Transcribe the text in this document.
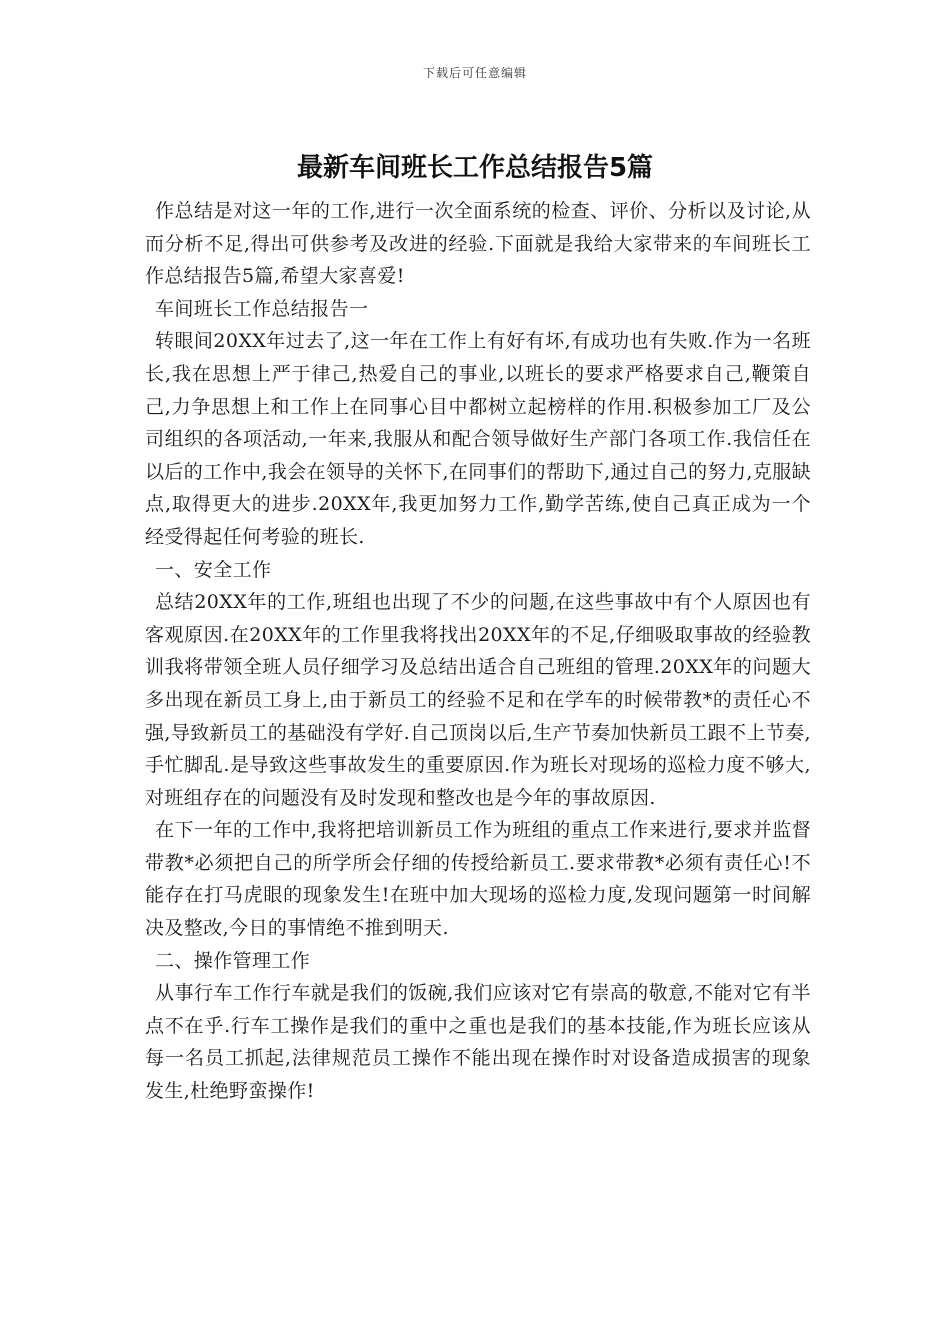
下载后可任意编辑
最新车间班长工作总结报告5篇

作总结是对这一年的工作,进行一次全面系统的检查、评价、分析以及讨论,从而分析不足,得出可供参考及改进的经验.下面就是我给大家带来的车间班长工作总结报告5篇,希望大家喜爱!

车间班长工作总结报告一

转眼间20XX年过去了,这一年在工作上有好有坏,有成功也有失败.作为一名班长,我在思想上严于律己,热爱自己的事业,以班长的要求严格要求自己,鞭策自己,力争思想上和工作上在同事心目中都树立起榜样的作用.积极参加工厂及公司组织的各项活动,一年来,我服从和配合领导做好生产部门各项工作.我信任在以后的工作中,我会在领导的关怀下,在同事们的帮助下,通过自己的努力,克服缺点,取得更大的进步.20XX年,我更加努力工作,勤学苦练,使自己真正成为一个经受得起任何考验的班长.

一、安全工作

总结20XX年的工作,班组也出现了不少的问题,在这些事故中有个人原因也有客观原因.在20XX年的工作里我将找出20XX年的不足,仔细吸取事故的经验教训我将带领全班人员仔细学习及总结出适合自己班组的管理.20XX年的问题大多出现在新员工身上,由于新员工的经验不足和在学车的时候带教*的责任心不强,导致新员工的基础没有学好.自己顶岗以后,生产节奏加快新员工跟不上节奏,手忙脚乱.是导致这些事故发生的重要原因.作为班长对现场的巡检力度不够大,对班组存在的问题没有及时发现和整改也是今年的事故原因.

在下一年的工作中,我将把培训新员工作为班组的重点工作来进行,要求并监督带教*必须把自己的所学所会仔细的传授给新员工.要求带教*必须有责任心!不能存在打马虎眼的现象发生!在班中加大现场的巡检力度,发现问题第一时间解决及整改,今日的事情绝不推到明天.

二、操作管理工作

从事行车工作行车就是我们的饭碗,我们应该对它有崇高的敬意,不能对它有半点不在乎.行车工操作是我们的重中之重也是我们的基本技能,作为班长应该从每一名员工抓起,法律规范员工操作不能出现在操作时对设备造成损害的现象发生,杜绝野蛮操作!
